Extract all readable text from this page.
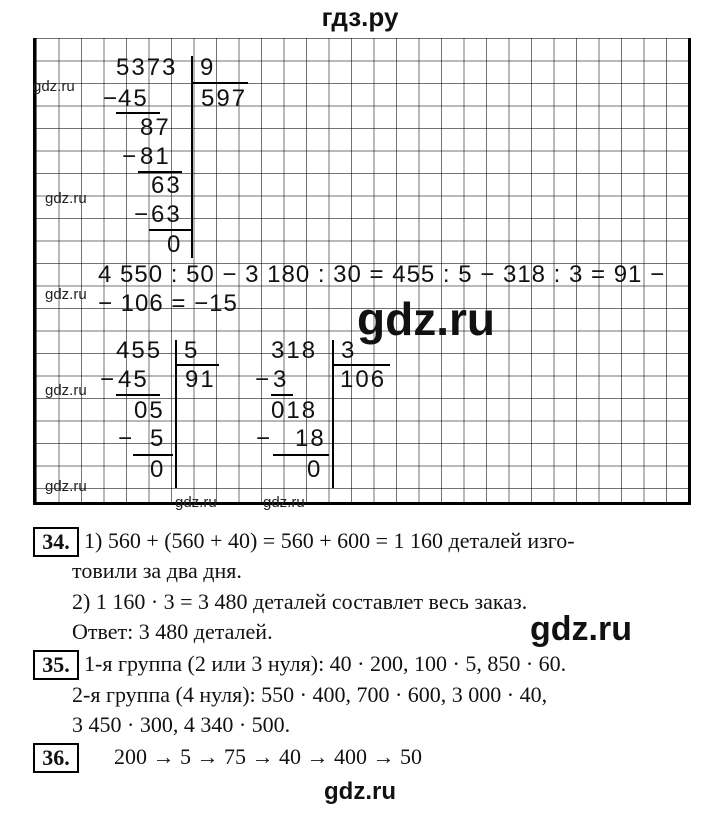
гдз.ру
gdz.ru
gdz.ru
gdz.ru
gdz.ru
gdz.ru
gdz.ru	gdz.ru
gdz.ru
gdz.ru
5373 9
597
−
45
87
− 81
63
− 63
0
4 550 : 50 − 3 180 : 30 = 455 : 5 − 318 : 3 = 91 −
− 106 = −15
455 5
91
− 45
05
− 5
0
318 3
106
− 3
018
− 18
0
34. 1) 560 + (560 + 40) = 560 + 600 = 1 160 деталей изго-
товили за два дня.
2) 1 160 · 3 = 3 480 деталей составлет весь заказ.
Ответ: 3 480 деталей.
35. 1-я группа (2 или 3 нуля): 40 · 200, 100 · 5, 850 · 60.
2-я группа (4 нуля): 550 · 400, 700 · 600, 3 000 · 40,
3 450 · 300, 4 340 · 500.
36.	200 → 5 → 75 → 40 → 400 → 50
gdz.ru
